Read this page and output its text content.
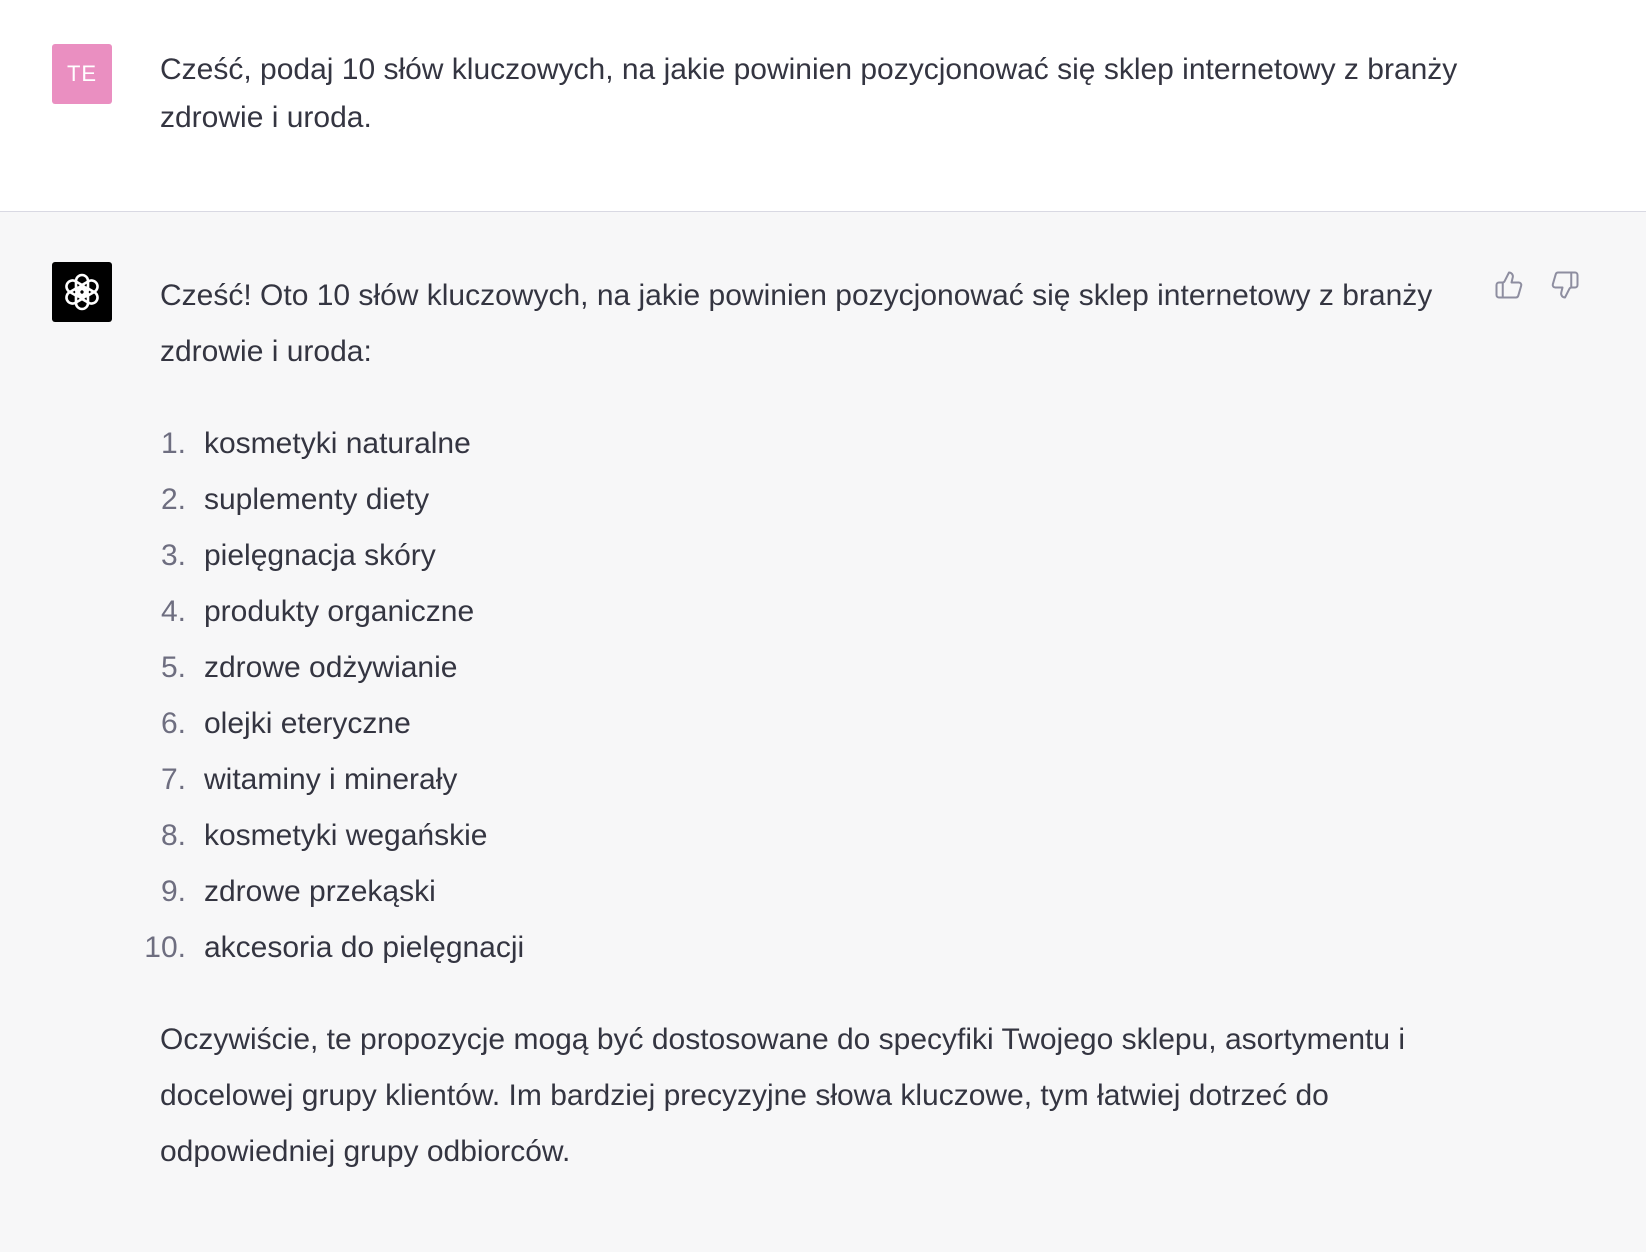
TE Cześć, podaj 10 słów kluczowych, na jakie powinien pozycjonować się sklep internetowy z branży zdrowie i uroda.

Cześć! Oto 10 słów kluczowych, na jakie powinien pozycjonować się sklep internetowy z branży zdrowie i uroda:

1. kosmetyki naturalne
2. suplementy diety
3. pielęgnacja skóry
4. produkty organiczne
5. zdrowe odżywianie
6. olejki eteryczne
7. witaminy i minerały
8. kosmetyki wegańskie
9. zdrowe przekąski
10. akcesoria do pielęgnacji

Oczywiście, te propozycje mogą być dostosowane do specyfiki Twojego sklepu, asortymentu i docelowej grupy klientów. Im bardziej precyzyjne słowa kluczowe, tym łatwiej dotrzeć do odpowiedniej grupy odbiorców.
